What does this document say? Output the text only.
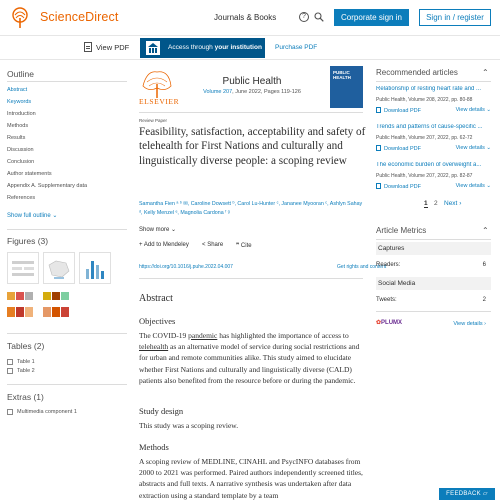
ScienceDirect	Journals & Books	?	Corporate sign in	Sign in / register
View PDF	Access through your institution Purchase PDF
Outline
Abstract
Keywords
Introduction
Methods
Results
Discussion
Conclusion
Author statements
Appendix A. Supplementary data
References
Show full outline ⌄
Figures (3)
Tables (2)
Table 1
Table 2
Extras (1)
Multimedia component 1
ELSEVIER
Public Health
Volume 207, June 2022, Pages 119-126
PUBLIC
HEALTH
Review Paper
Feasibility, satisfaction, acceptability and safety of telehealth for First Nations and culturally and linguistically diverse people: a scoping review
Samantha Fien ᵃ ᵇ ✉, Caroline Dowsett ᵇ, Carol Lu-Hunter ᶜ, Jananee Myooran ᶜ, Ashlyn Sahay ᵈ, Kelly Menzel ᵉ, Magnolia Cardona ᶠ ᵍ
Show more ⌄
+ Add to Mendeley < Share ❞ Cite
https://doi.org/10.1016/j.puhe.2022.04.007	Get rights and content
Abstract
Objectives
The COVID-19 pandemic has highlighted the importance of access to telehealth as an alternative model of service during social restrictions and for urban and remote communities alike. This study aimed to elucidate whether First Nations and culturally and linguistically diverse (CALD) patients also benefited from the resource before or during the pandemic.
Study design
This study was a scoping review.
Methods
A scoping review of MEDLINE, CINAHL and PsycINFO databases from 2000 to 2021 was performed. Paired authors independently screened titles, abstracts and full texts. A narrative synthesis was undertaken after data extraction using a standard template by a team
Recommended articles	⌃
Relationship of resting heart rate and ...
Public Health, Volume 208, 2022, pp. 80-88
Download PDF	View details ⌄
Trends and patterns of cause-specific ...
Public Health, Volume 207, 2022, pp. 62-72
Download PDF	View details ⌄
The economic burden of overweight a...
Public Health, Volume 207, 2022, pp. 82-87
Download PDF	View details ⌄
1 2 Next ›
Article Metrics	⌃
Captures
Readers:	6
Social Media
Tweets:	2
✿PLUMX	View details ›
FEEDBACK ▱
